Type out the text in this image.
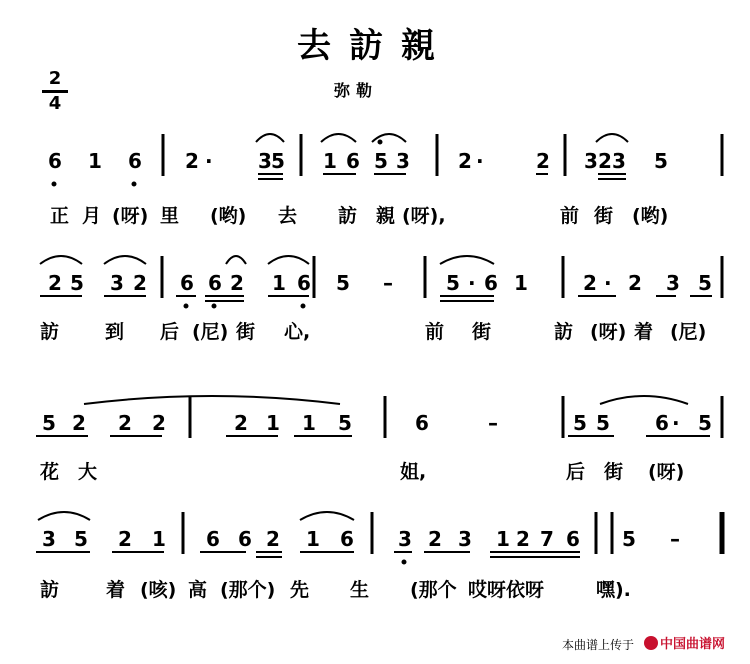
去訪親
弥勒
2
4
6 1 6 2 · 3 5 1 6 5 3 2 ·	2 3 2 3 5
正 月 (呀) 里 (哟) 去 訪 親 (呀),	前 街 (哟)
2 5 3 2 6 6 2 1 6 5 –	5 · 6 1	2 · 2 3 5
訪 到 后 (尼) 街 心,	前 街	訪 (呀) 着 (尼)
5 2 2 2	2 1 1 5	6	–	5 5 6 · 5
花 大	姐,	后 街 (呀)
3 5 2 1 6 6 2 1 6 3 2 3 1 2 7 6 5 –
訪 着 (咳) 高 (那个) 先 生 (那个 哎呀依呀	嘿).
本曲谱上传于	中国曲谱网
